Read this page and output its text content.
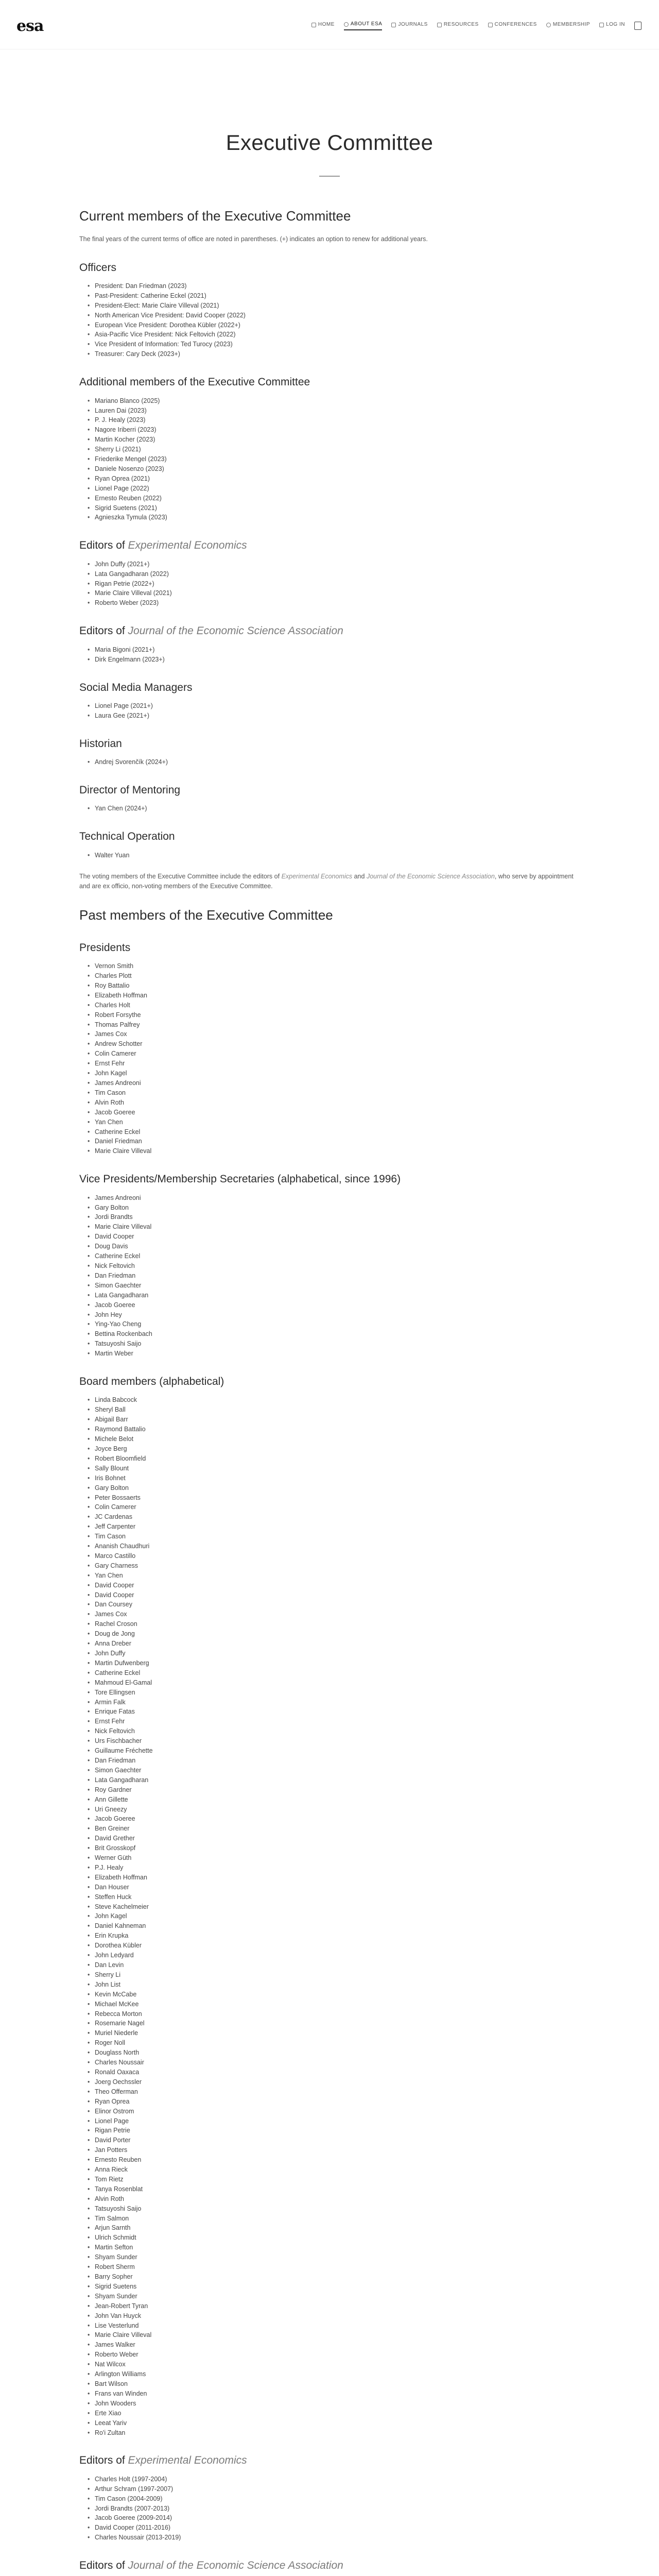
esa	HOME	ABOUT ESA	JOURNALS	RESOURCES	CONFERENCES	MEMBERSHIP	LOG IN
Executive Committee
Current members of the Executive Committee

The final years of the current terms of office are noted in parentheses. (+) indicates an option to renew for additional years.

Officers
• President: Dan Friedman (2023)
• Past-President: Catherine Eckel (2021)
• President-Elect: Marie Claire Villeval (2021)
• North American Vice President: David Cooper (2022)
• European Vice President: Dorothea Kübler (2022+)
• Asia-Pacific Vice President: Nick Feltovich (2022)
• Vice President of Information: Ted Turocy (2023)
• Treasurer: Cary Deck (2023+)
Additional members of the Executive Committee
• Mariano Blanco (2025)
• Lauren Dai (2023)
• P. J. Healy (2023)
• Nagore Iriberri (2023)
• Martin Kocher (2023)
• Sherry Li (2021)
• Friederike Mengel (2023)
• Daniele Nosenzo (2023)
• Ryan Oprea (2021)
• Lionel Page (2022)
• Ernesto Reuben (2022)
• Sigrid Suetens (2021)
• Agnieszka Tymula (2023)
Editors of Experimental Economics
• John Duffy (2021+)
• Lata Gangadharan (2022)
• Rigan Petrie (2022+)
• Marie Claire Villeval (2021)
• Roberto Weber (2023)
Editors of Journal of the Economic Science Association
• Maria Bigoni (2021+)
• Dirk Engelmann (2023+)
Social Media Managers
• Lionel Page (2021+)
• Laura Gee (2021+)
Historian
• Andrej Svorenčík (2024+)
Director of Mentoring
• Yan Chen (2024+)
Technical Operation
• Walter Yuan

The voting members of the Executive Committee include the editors of Experimental Economics and Journal of the Economic Science Association, who serve by appointment and are ex officio, non-voting members of the Executive Committee.

Past members of the Executive Committee
Presidents
• Vernon Smith
• Charles Plott
• Roy Battalio
• Elizabeth Hoffman
• Charles Holt
• Robert Forsythe
• Thomas Palfrey
• James Cox
• Andrew Schotter
• Colin Camerer
• Ernst Fehr
• John Kagel
• James Andreoni
• Tim Cason
• Alvin Roth
• Jacob Goeree
• Yan Chen
• Catherine Eckel
• Daniel Friedman
• Marie Claire Villeval
Vice Presidents/Membership Secretaries (alphabetical, since 1996)
• James Andreoni
• Gary Bolton
• Jordi Brandts
• Marie Claire Villeval
• David Cooper
• Doug Davis
• Catherine Eckel
• Nick Feltovich
• Dan Friedman
• Simon Gaechter
• Lata Gangadharan
• Jacob Goeree
• John Hey
• Ying-Yao Cheng
• Bettina Rockenbach
• Tatsuyoshi Saijo
• Martin Weber
Board members (alphabetical)
• Linda Babcock
• Sheryl Ball
• Abigail Barr
• Raymond Battalio
• Michele Belot
• Joyce Berg
• Robert Bloomfield
• Sally Blount
• Iris Bohnet
• Gary Bolton
• Peter Bossaerts
• Colin Camerer
• JC Cardenas
• Jeff Carpenter
• Tim Cason
• Ananish Chaudhuri
• Marco Castillo
• Gary Charness
• Yan Chen
• David Cooper
• David Cooper
• Dan Coursey
• James Cox
• Rachel Croson
• Doug de Jong
• Anna Dreber
• John Duffy
• Martin Dufwenberg
• Catherine Eckel
• Mahmoud El-Gamal
• Tore Ellingsen
• Armin Falk
• Enrique Fatas
• Ernst Fehr
• Nick Feltovich
• Urs Fischbacher
• Guillaume Fréchette
• Dan Friedman
• Simon Gaechter
• Lata Gangadharan
• Roy Gardner
• Ann Gillette
• Uri Gneezy
• Jacob Goeree
• Ben Greiner
• David Grether
• Brit Grosskopf
• Werner Güth
• P.J. Healy
• Elizabeth Hoffman
• Dan Houser
• Steffen Huck
• Steve Kachelmeier
• John Kagel
• Daniel Kahneman
• Erin Krupka
• Dorothea Kübler
• John Ledyard
• Dan Levin
• Sherry Li
• John List
• Kevin McCabe
• Michael McKee
• Rebecca Morton
• Rosemarie Nagel
• Muriel Niederle
• Roger Noll
• Douglass North
• Charles Noussair
• Ronald Oaxaca
• Joerg Oechssler
• Theo Offerman
• Ryan Oprea
• Elinor Ostrom
• Lionel Page
• Rigan Petrie
• David Porter
• Jan Potters
• Ernesto Reuben
• Anna Rieck
• Tom Rietz
• Tanya Rosenblat
• Alvin Roth
• Tatsuyoshi Saijo
• Tim Salmon
• Arjun Sarnth
• Ulrich Schmidt
• Martin Sefton
• Shyam Sunder
• Robert Sherm
• Barry Sopher
• Sigrid Suetens
• Shyam Sunder
• Jean-Robert Tyran
• John Van Huyck
• Lise Vesterlund
• Marie Claire Villeval
• James Walker
• Roberto Weber
• Nat Wilcox
• Arlington Williams
• Bart Wilson
• Frans van Winden
• John Wooders
• Erte Xiao
• Leeat Yariv
• Ro'i Zultan
Editors of Experimental Economics
• Charles Holt (1997-2004)
• Arthur Schram (1997-2007)
• Tim Cason (2004-2009)
• Jordi Brandts (2007-2013)
• Jacob Goeree (2009-2014)
• David Cooper (2011-2016)
• Charles Noussair (2013-2019)
Editors of Journal of the Economic Science Association
